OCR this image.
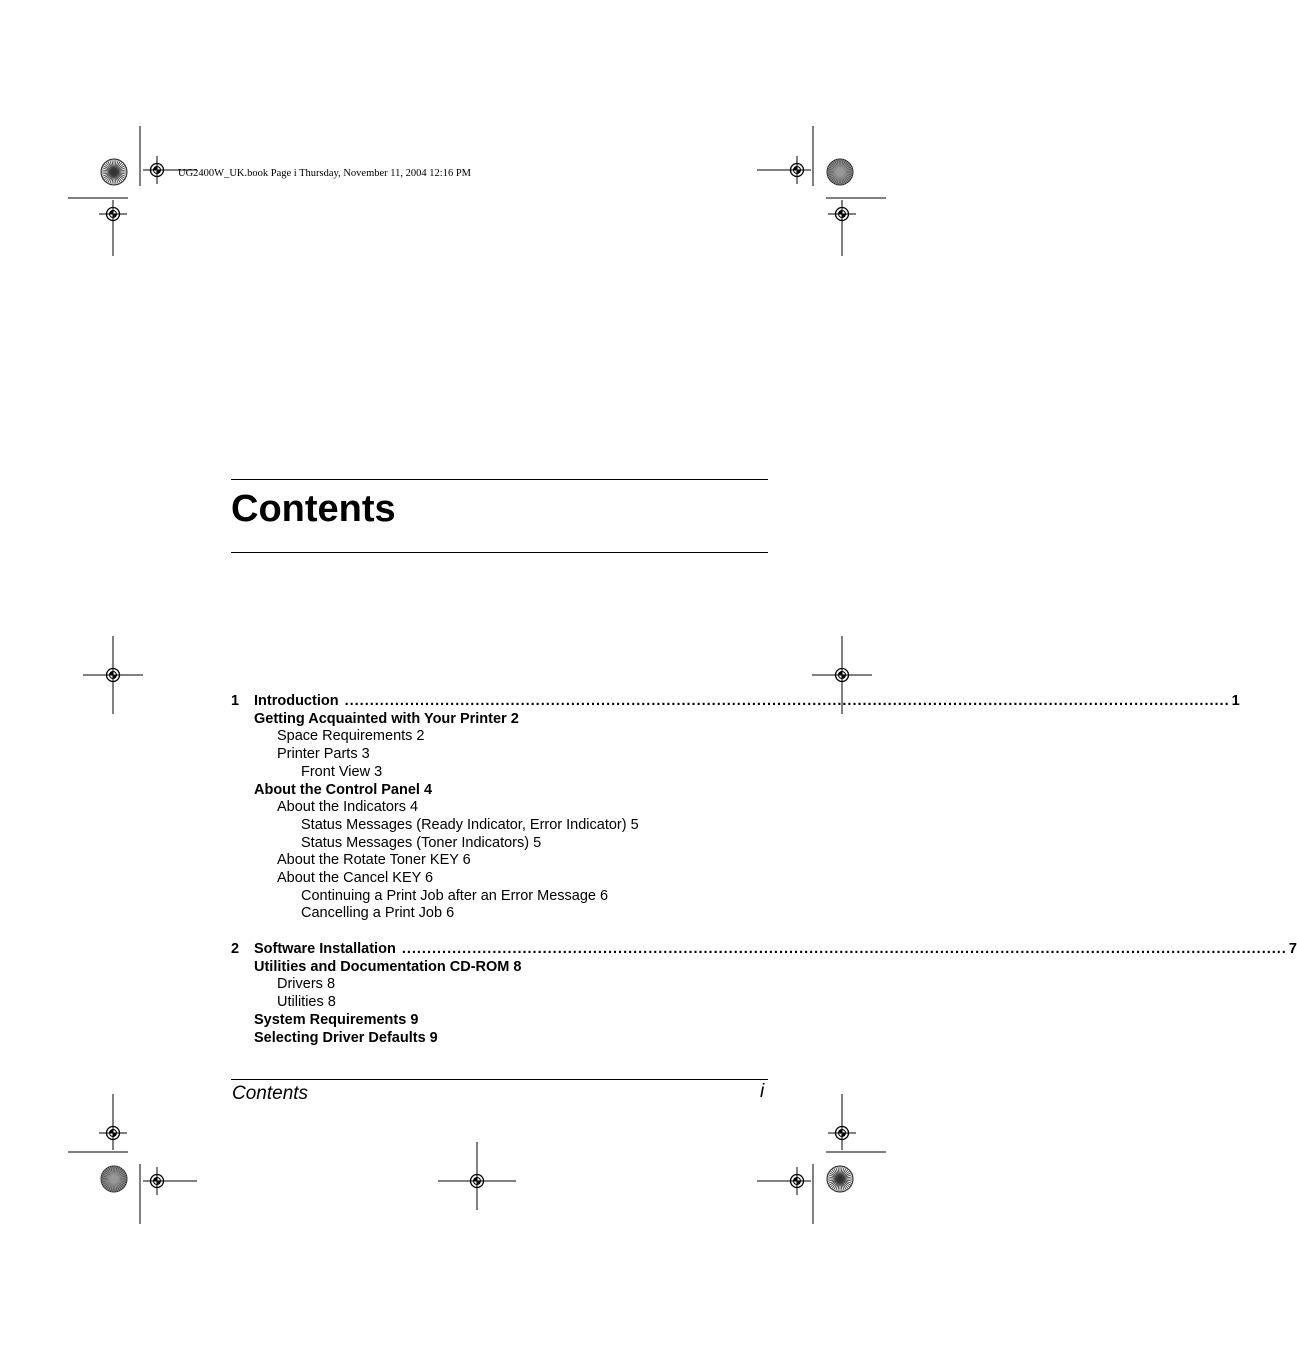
UG2400W_UK.book Page i Thursday, November 11, 2004 12:16 PM
Contents
1	Introduction ................................................................................................................................................................................ 1
Getting Acquainted with Your Printer 2
Space Requirements 2
Printer Parts 3
Front View 3
About the Control Panel 4
About the Indicators 4
Status Messages (Ready Indicator, Error Indicator) 5
Status Messages (Toner Indicators) 5
About the Rotate Toner KEY 6
About the Cancel KEY 6
Continuing a Print Job after an Error Message 6
Cancelling a Print Job 6
2	Software Installation ................................................................................................................................................................................ 7
Utilities and Documentation CD-ROM 8
Drivers 8
Utilities 8
System Requirements 9
Selecting Driver Defaults 9
Contents	i
